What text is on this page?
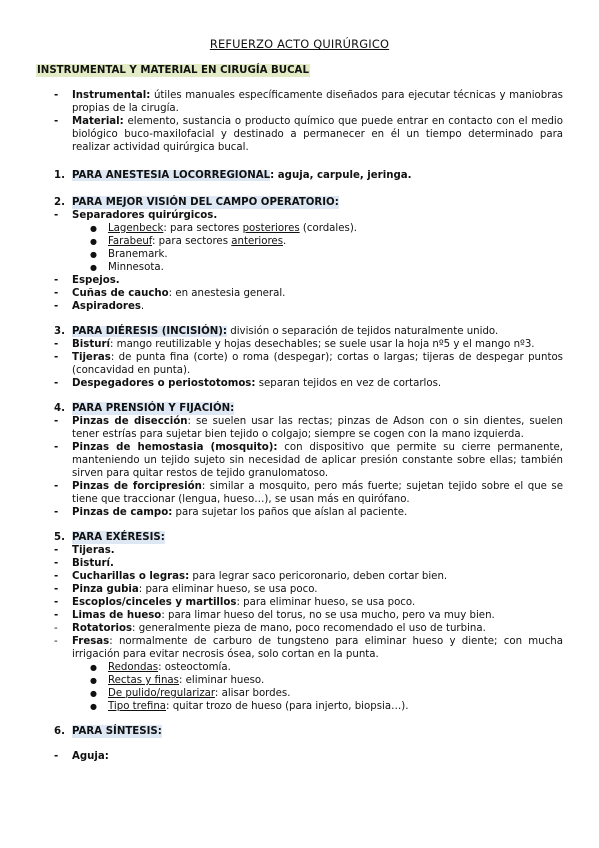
REFUERZO ACTO QUIRÚRGICO
INSTRUMENTAL Y MATERIAL EN CIRUGÍA BUCAL
-	Instrumental: útiles manuales específicamente diseñados para ejecutar técnicas y maniobras propias de la cirugía.
-	Material: elemento, sustancia o producto químico que puede entrar en contacto con el medio biológico buco-maxilofacial y destinado a permanecer en él un tiempo determinado para realizar actividad quirúrgica bucal.
1. PARA ANESTESIA LOCORREGIONAL: aguja, carpule, jeringa.
2. PARA MEJOR VISIÓN DEL CAMPO OPERATORIO:
-	Separadores quirúrgicos.
●	Lagenbeck: para sectores posteriores (cordales).
●	Farabeuf: para sectores anteriores.
●	Branemark.
●	Minnesota.
-	Espejos.
-	Cuñas de caucho: en anestesia general.
-	Aspiradores.
3. PARA DIÉRESIS (INCISIÓN): división o separación de tejidos naturalmente unido.
-	Bisturí: mango reutilizable y hojas desechables; se suele usar la hoja nº5 y el mango nº3.
-	Tijeras: de punta fina (corte) o roma (despegar); cortas o largas; tijeras de despegar puntos (concavidad en punta).
-	Despegadores o periostotomos: separan tejidos en vez de cortarlos.
4. PARA PRENSIÓN Y FIJACIÓN:
-	Pinzas de disección: se suelen usar las rectas; pinzas de Adson con o sin dientes, suelen tener estrías para sujetar bien tejido o colgajo; siempre se cogen con la mano izquierda.
-	Pinzas de hemostasia (mosquito): con dispositivo que permite su cierre permanente, manteniendo un tejido sujeto sin necesidad de aplicar presión constante sobre ellas; también sirven para quitar restos de tejido granulomatoso.
-	Pinzas de forcipresión: similar a mosquito, pero más fuerte; sujetan tejido sobre el que se tiene que traccionar (lengua, hueso…), se usan más en quirófano.
-	Pinzas de campo: para sujetar los paños que aíslan al paciente.
5. PARA EXÉRESIS:
-	Tijeras.
-	Bisturí.
-	Cucharillas o legras: para legrar saco pericoronario, deben cortar bien.
-	Pinza gubia: para eliminar hueso, se usa poco.
-	Escoplos/cinceles y martillos: para eliminar hueso, se usa poco.
-	Limas de hueso: para limar hueso del torus, no se usa mucho, pero va muy bien.
-	Rotatorios: generalmente pieza de mano, poco recomendado el uso de turbina.
-	Fresas: normalmente de carburo de tungsteno para eliminar hueso y diente; con mucha irrigación para evitar necrosis ósea, solo cortan en la punta.
●	Redondas: osteoctomía.
●	Rectas y finas: eliminar hueso.
●	De pulido/regularizar: alisar bordes.
●	Tipo trefina: quitar trozo de hueso (para injerto, biopsia…).
6. PARA SÍNTESIS:
-	Aguja:
